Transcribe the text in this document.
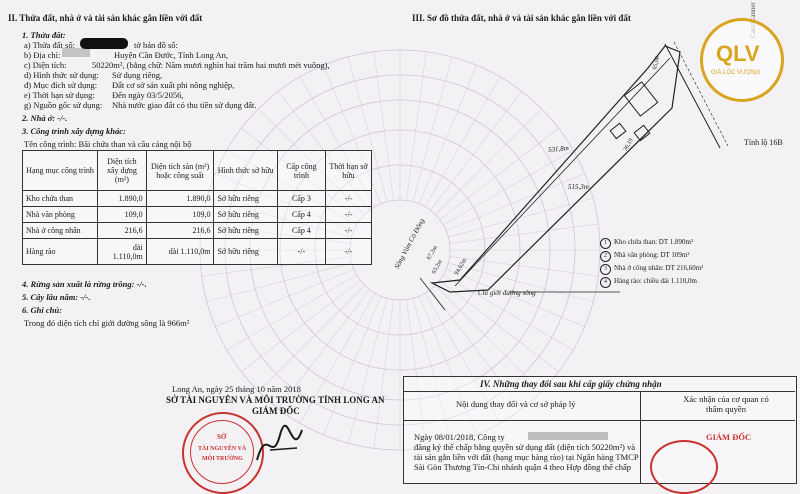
II. Thửa đất, nhà ở và tài sản khác gắn liền với đất
1. Thửa đất:
a) Thửa đất số:	tờ bản đồ số:
b) Địa chỉ:	Huyện Cần Đước, Tỉnh Long An,
c) Diện tích:	50220m², (bằng chữ: Năm mươi nghìn hai trăm hai mươi mét vuông),
d) Hình thức sử dụng: Sử dụng riêng,
đ) Mục đích sử dụng: Đất cơ sở sản xuất phi nông nghiệp,
e) Thời hạn sử dụng: Đến ngày 03/5/2056,
g) Nguồn gốc sử dụng: Nhà nước giao đất có thu tiền sử dụng đất.
2. Nhà ở: -/-.
3. Công trình xây dựng khác:
Tên công trình: Bãi chứa than và cầu cảng nội bộ
Hạng mục công trình	Diện tích xây dựng (m²)	Diện tích sàn (m²) hoặc công suất	Hình thức sở hữu	Cấp công trình	Thời hạn sở hữu
Kho chứa than	1.890,0	1.890,0	Sở hữu riêng	Cấp 3	-/-
Nhà văn phòng	109,0	109,0	Sở hữu riêng	Cấp 4	-/-
Nhà ở công nhân	216,6	216,6	Sở hữu riêng	Cấp 4	-/-
Hàng rào	dài 1.110,0m	dài 1.110,0m	Sở hữu riêng	-/-	-/-
4. Rừng sản xuất là rừng trồng: -/-.
5. Cây lâu năm: -/-.
6. Ghi chú:
Trong đó diện tích chỉ giới đường sông là 966m²
Long An, ngày 25 tháng 10 năm 2018
SỞ TÀI NGUYÊN VÀ MÔI TRƯỜNG TỈNH LONG AN
GIÁM ĐỐC
SỞ
TÀI NGUYÊN VÀ
MÔI TRƯỜNG
III. Sơ đồ thửa đất, nhà ở và tài sản khác gắn liền với đất
531,8m
515,3m
Tỉnh lộ 16B
Chỉ giới đường sông
Sông Vàm Cỏ Đông 67,2m
63,2m 94,62m
36,19
65,00
1 Kho chứa than: DT 1.890m²
2 Nhà văn phòng: DT 109m²
3 Nhà ở công nhân: DT 216,60m²
4 Hàng rào: chiều dài 1.110,0m
QLV
GIÁ LỘC VƯỢNG
IV. Những thay đổi sau khi cấp giấy chứng nhận
Nội dung thay đổi và cơ sở pháp lý	Xác nhận của cơ quan có thẩm quyền
Ngày 08/01/2018, Công ty
đăng ký thế chấp bằng quyền sử dụng đất (diện tích 50220m²) và
tài sản gắn liền với đất (hạng mục hàng rào) tại Ngân hàng TMCP
Sài Gòn Thương Tín-Chi nhánh quận 4 theo Hợp đồng thế chấp
GIÁM ĐỐC
